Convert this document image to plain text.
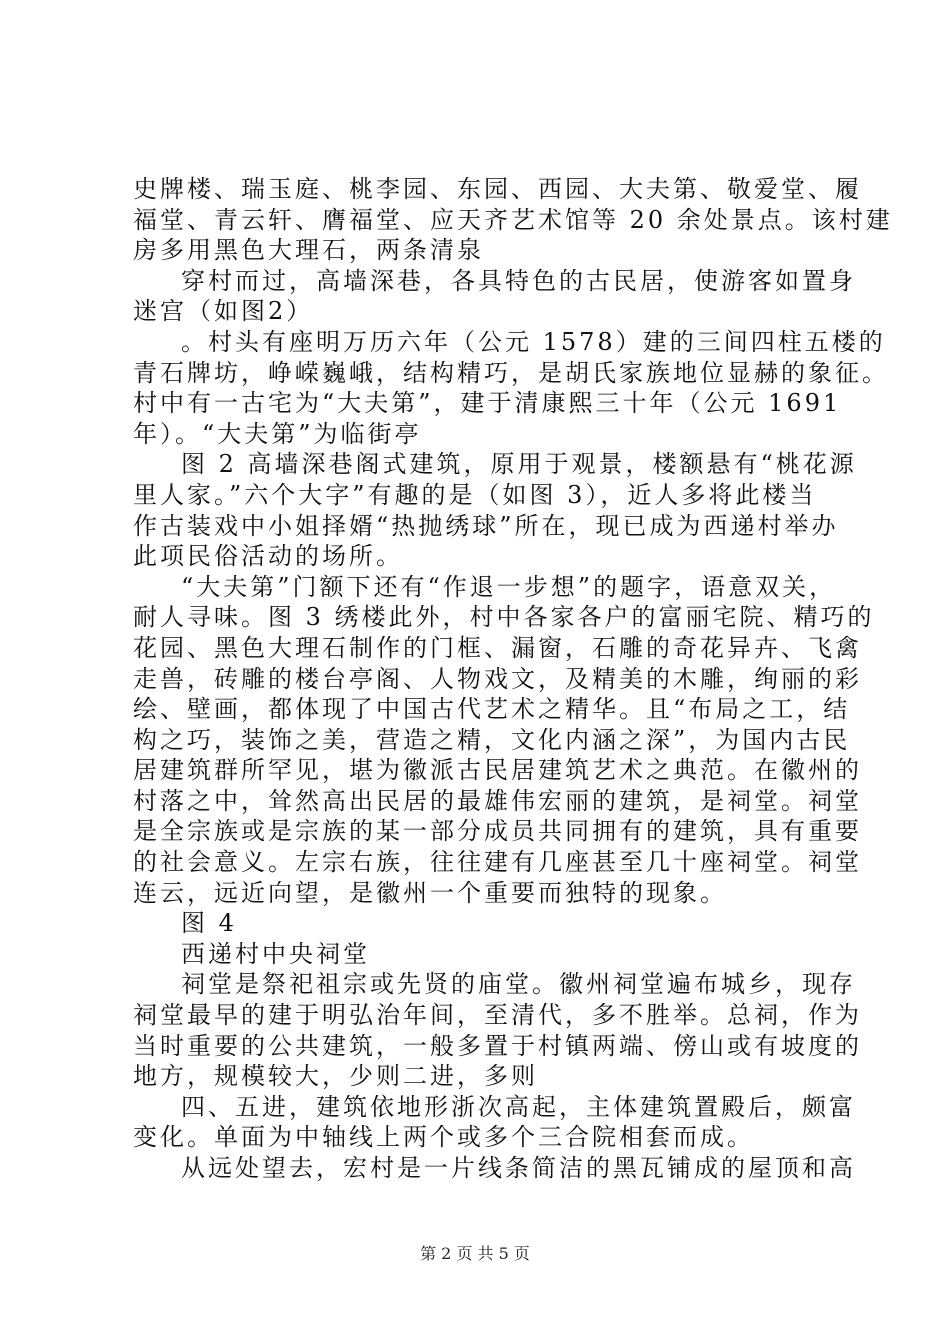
史牌楼、瑞玉庭、桃李园、东园、西园、大夫第、敬爱堂、履
福堂、青云轩、膺福堂、应天齐艺术馆等 20 余处景点。该村建
房多用黑色大理石，两条清泉
穿村而过，高墙深巷，各具特色的古民居，使游客如置身
迷宫（如图2）
。村头有座明万历六年（公元 1578）建的三间四柱五楼的
青石牌坊，峥嵘巍峨，结构精巧，是胡氏家族地位显赫的象征。
村中有一古宅为“大夫第”，建于清康熙三十年（公元 1691
年）。“大夫第”为临街亭
图 2 高墙深巷阁式建筑，原用于观景，楼额悬有“桃花源
里人家。”六个大字”有趣的是（如图 3），近人多将此楼当
作古装戏中小姐择婿“热抛绣球”所在，现已成为西递村举办
此项民俗活动的场所。
“大夫第”门额下还有“作退一步想”的题字，语意双关，
耐人寻味。图 3 绣楼此外，村中各家各户的富丽宅院、精巧的
花园、黑色大理石制作的门框、漏窗，石雕的奇花异卉、飞禽
走兽，砖雕的楼台亭阁、人物戏文，及精美的木雕，绚丽的彩
绘、壁画，都体现了中国古代艺术之精华。且“布局之工，结
构之巧，装饰之美，营造之精，文化内涵之深”，为国内古民
居建筑群所罕见，堪为徽派古民居建筑艺术之典范。在徽州的
村落之中，耸然高出民居的最雄伟宏丽的建筑，是祠堂。祠堂
是全宗族或是宗族的某一部分成员共同拥有的建筑，具有重要
的社会意义。左宗右族，往往建有几座甚至几十座祠堂。祠堂
连云，远近向望，是徽州一个重要而独特的现象。
图 4
西递村中央祠堂
祠堂是祭祀祖宗或先贤的庙堂。徽州祠堂遍布城乡，现存
祠堂最早的建于明弘治年间，至清代，多不胜举。总祠，作为
当时重要的公共建筑，一般多置于村镇两端、傍山或有坡度的
地方，规模较大，少则二进，多则
四、五进，建筑依地形浙次高起，主体建筑置殿后，颇富
变化。单面为中轴线上两个或多个三合院相套而成。
从远处望去，宏村是一片线条简洁的黑瓦铺成的屋顶和高
第 2 页 共 5 页
